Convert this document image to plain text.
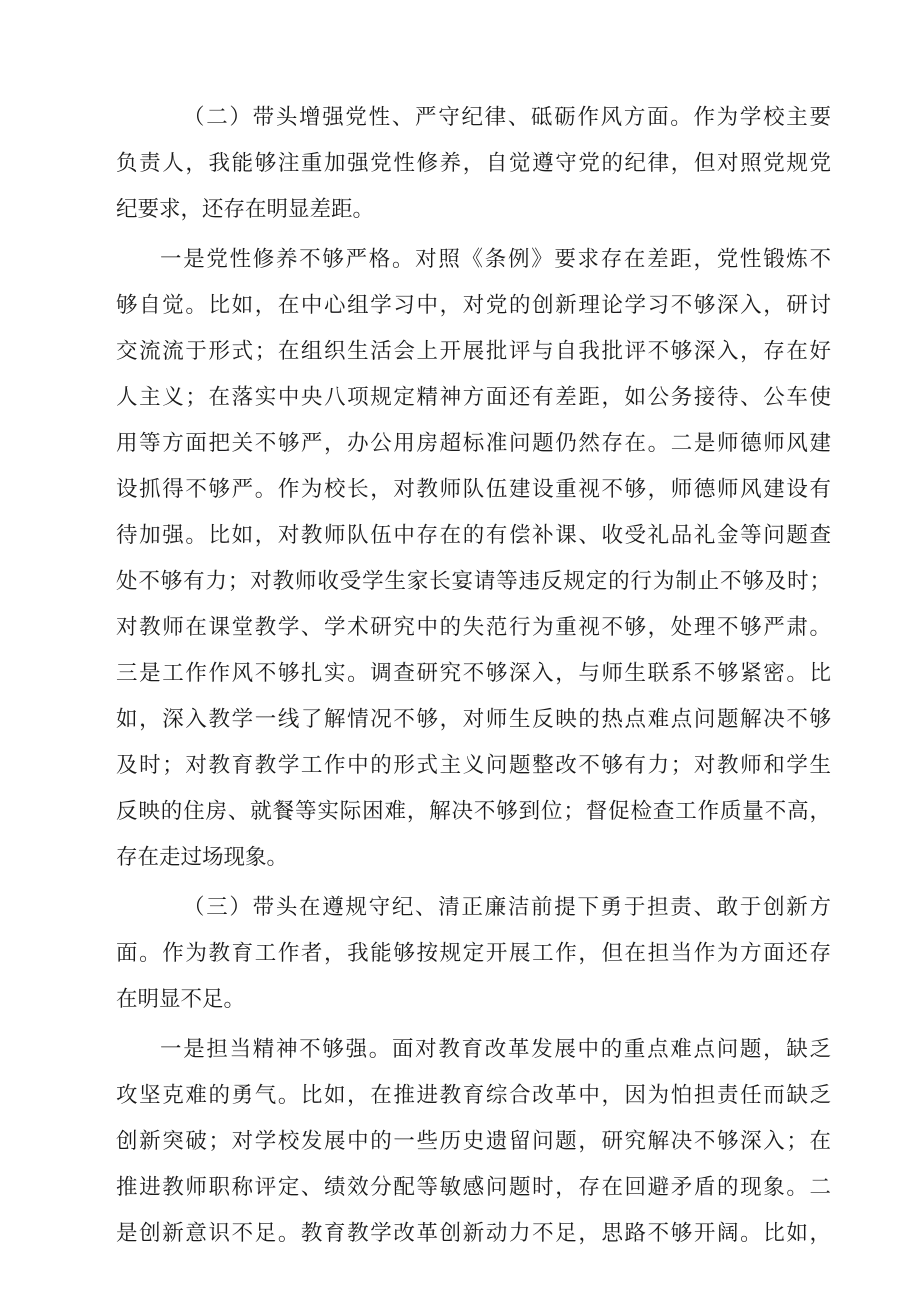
（二）带头增强党性、严守纪律、砥砺作风方面。作为学校主要
负责人，我能够注重加强党性修养，自觉遵守党的纪律，但对照党规党
纪要求，还存在明显差距。
一是党性修养不够严格。对照《条例》要求存在差距，党性锻炼不
够自觉。比如，在中心组学习中，对党的创新理论学习不够深入，研讨
交流流于形式；在组织生活会上开展批评与自我批评不够深入，存在好
人主义；在落实中央八项规定精神方面还有差距，如公务接待、公车使
用等方面把关不够严，办公用房超标准问题仍然存在。二是师德师风建
设抓得不够严。作为校长，对教师队伍建设重视不够，师德师风建设有
待加强。比如，对教师队伍中存在的有偿补课、收受礼品礼金等问题查
处不够有力；对教师收受学生家长宴请等违反规定的行为制止不够及时；
对教师在课堂教学、学术研究中的失范行为重视不够，处理不够严肃。
三是工作作风不够扎实。调查研究不够深入，与师生联系不够紧密。比
如，深入教学一线了解情况不够，对师生反映的热点难点问题解决不够
及时；对教育教学工作中的形式主义问题整改不够有力；对教师和学生
反映的住房、就餐等实际困难，解决不够到位；督促检查工作质量不高，
存在走过场现象。
（三）带头在遵规守纪、清正廉洁前提下勇于担责、敢于创新方
面。作为教育工作者，我能够按规定开展工作，但在担当作为方面还存
在明显不足。
一是担当精神不够强。面对教育改革发展中的重点难点问题，缺乏
攻坚克难的勇气。比如，在推进教育综合改革中，因为怕担责任而缺乏
创新突破；对学校发展中的一些历史遗留问题，研究解决不够深入；在
推进教师职称评定、绩效分配等敏感问题时，存在回避矛盾的现象。二
是创新意识不足。教育教学改革创新动力不足，思路不够开阔。比如，
